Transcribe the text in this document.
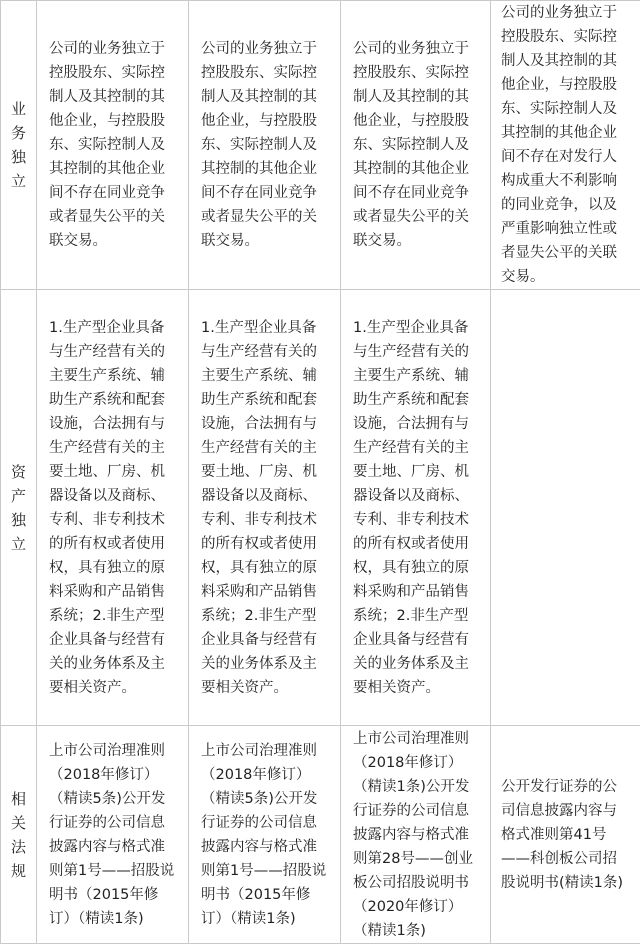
业务独立	公司的业务独立于控股股东、实际控制人及其控制的其他企业，与控股股东、实际控制人及其控制的其他企业间不存在同业竞争或者显失公平的关联交易。	公司的业务独立于控股股东、实际控制人及其控制的其他企业，与控股股东、实际控制人及其控制的其他企业间不存在同业竞争或者显失公平的关联交易。	公司的业务独立于控股股东、实际控制人及其控制的其他企业，与控股股东、实际控制人及其控制的其他企业间不存在同业竞争或者显失公平的关联交易。	公司的业务独立于控股股东、实际控制人及其控制的其他企业，与控股股东、实际控制人及其控制的其他企业间不存在对发行人构成重大不利影响的同业竞争，以及严重影响独立性或者显失公平的关联交易。

资产独立	1.生产型企业具备与生产经营有关的主要生产系统、辅助生产系统和配套设施，合法拥有与生产经营有关的主要土地、厂房、机器设备以及商标、专利、非专利技术的所有权或者使用权，具有独立的原料采购和产品销售系统；2.非生产型企业具备与经营有关的业务体系及主要相关资产。	1.生产型企业具备与生产经营有关的主要生产系统、辅助生产系统和配套设施，合法拥有与生产经营有关的主要土地、厂房、机器设备以及商标、专利、非专利技术的所有权或者使用权，具有独立的原料采购和产品销售系统；2.非生产型企业具备与经营有关的业务体系及主要相关资产。	1.生产型企业具备与生产经营有关的主要生产系统、辅助生产系统和配套设施，合法拥有与生产经营有关的主要土地、厂房、机器设备以及商标、专利、非专利技术的所有权或者使用权，具有独立的原料采购和产品销售系统；2.非生产型企业具备与经营有关的业务体系及主要相关资产。	

相关法规	上市公司治理准则（2018年修订）（精读5条)公开发行证券的公司信息披露内容与格式准则第1号——招股说明书（2015年修订）（精读1条)	上市公司治理准则（2018年修订）（精读5条)公开发行证券的公司信息披露内容与格式准则第1号——招股说明书（2015年修订）（精读1条)	上市公司治理准则（2018年修订）（精读1条)公开发行证券的公司信息披露内容与格式准则第28号——创业板公司招股说明书（2020年修订）（精读1条)	公开发行证券的公司信息披露内容与格式准则第41号——科创板公司招股说明书(精读1条)
